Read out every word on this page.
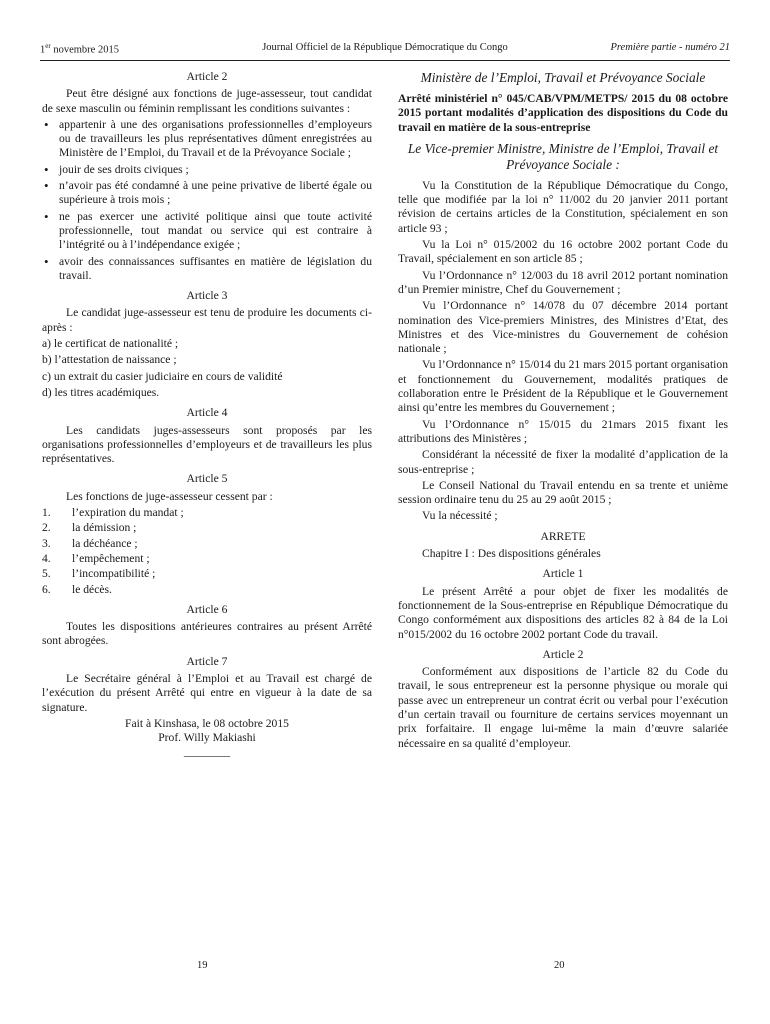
1er novembre 2015	Journal Officiel de la République Démocratique du Congo	Première partie - numéro 21
Article 2

Peut être désigné aux fonctions de juge-assesseur, tout candidat de sexe masculin ou féminin remplissant les conditions suivantes :

• appartenir à une des organisations professionnelles d’employeurs ou de travailleurs les plus représentatives dûment enregistrées au Ministère de l’Emploi, du Travail et de la Prévoyance Sociale ;
• jouir de ses droits civiques ;
• n’avoir pas été condamné à une peine privative de liberté égale ou supérieure à trois mois ;
• ne pas exercer une activité politique ainsi que toute activité professionnelle, tout mandat ou service qui est contraire à l’intégrité ou à l’indépendance exigée ;
• avoir des connaissances suffisantes en matière de législation du travail.
Article 3

Le candidat juge-assesseur est tenu de produire les documents ci-après :

a) le certificat de nationalité ;
b) l’attestation de naissance ;
c) un extrait du casier judiciaire en cours de validité
d) les titres académiques.
Article 4

Les candidats juges-assesseurs sont proposés par les organisations professionnelles d’employeurs et de travailleurs les plus représentatives.

Article 5

Les fonctions de juge-assesseur cessent par :

1.	l’expiration du mandat ;
2.	la démission ;
3.	la déchéance ;
4.	l’empêchement ;
5.	l’incompatibilité ;
6.	le décès.
Article 6

Toutes les dispositions antérieures contraires au présent Arrêté sont abrogées.

Article 7

Le Secrétaire général à l’Emploi et au Travail est chargé de l’exécution du présent Arrêté qui entre en vigueur à la date de sa signature.

Fait à Kinshasa, le 08 octobre 2015
Prof. Willy Makiashi
________
Ministère de l’Emploi, Travail et Prévoyance Sociale
Arrêté ministériel n° 045/CAB/VPM/METPS/ 2015 du 08 octobre 2015 portant modalités d’application des dispositions du Code du travail en matière de la sous-entreprise
Le Vice-premier Ministre, Ministre de l’Emploi, Travail et Prévoyance Sociale :

Vu la Constitution de la République Démocratique du Congo, telle que modifiée par la loi n° 11/002 du 20 janvier 2011 portant révision de certains articles de la Constitution, spécialement en son article 93 ;

Vu la Loi n° 015/2002 du 16 octobre 2002 portant Code du Travail, spécialement en son article 85 ;

Vu l’Ordonnance n° 12/003 du 18 avril 2012 portant nomination d’un Premier ministre, Chef du Gouvernement ;

Vu l’Ordonnance n° 14/078 du 07 décembre 2014 portant nomination des Vice-premiers Ministres, des Ministres d’Etat, des Ministres et des Vice-ministres du Gouvernement de cohésion nationale ;

Vu l’Ordonnance n° 15/014 du 21 mars 2015 portant organisation et fonctionnement du Gouvernement, modalités pratiques de collaboration entre le Président de la République et le Gouvernement ainsi qu’entre les membres du Gouvernement ;

Vu l’Ordonnance n° 15/015 du 21mars 2015 fixant les attributions des Ministères ;

Considérant la nécessité de fixer la modalité d’application de la sous-entreprise ;

Le Conseil National du Travail entendu en sa trente et unième session ordinaire tenu du 25 au 29 août 2015 ;

Vu la nécessité ;

ARRETE

Chapitre I : Des dispositions générales

Article 1

Le présent Arrêté a pour objet de fixer les modalités de fonctionnement de la Sous-entreprise en République Démocratique du Congo conformément aux dispositions des articles 82 à 84 de la Loi n°015/2002 du 16 octobre 2002 portant Code du travail.

Article 2

Conformément aux dispositions de l’article 82 du Code du travail, le sous entrepreneur est la personne physique ou morale qui passe avec un entrepreneur un contrat écrit ou verbal pour l’exécution d’un certain travail ou fourniture de certains services moyennant un prix forfaitaire. Il engage lui-même la main d’œuvre salariée nécessaire en sa qualité d’employeur.

19	20
